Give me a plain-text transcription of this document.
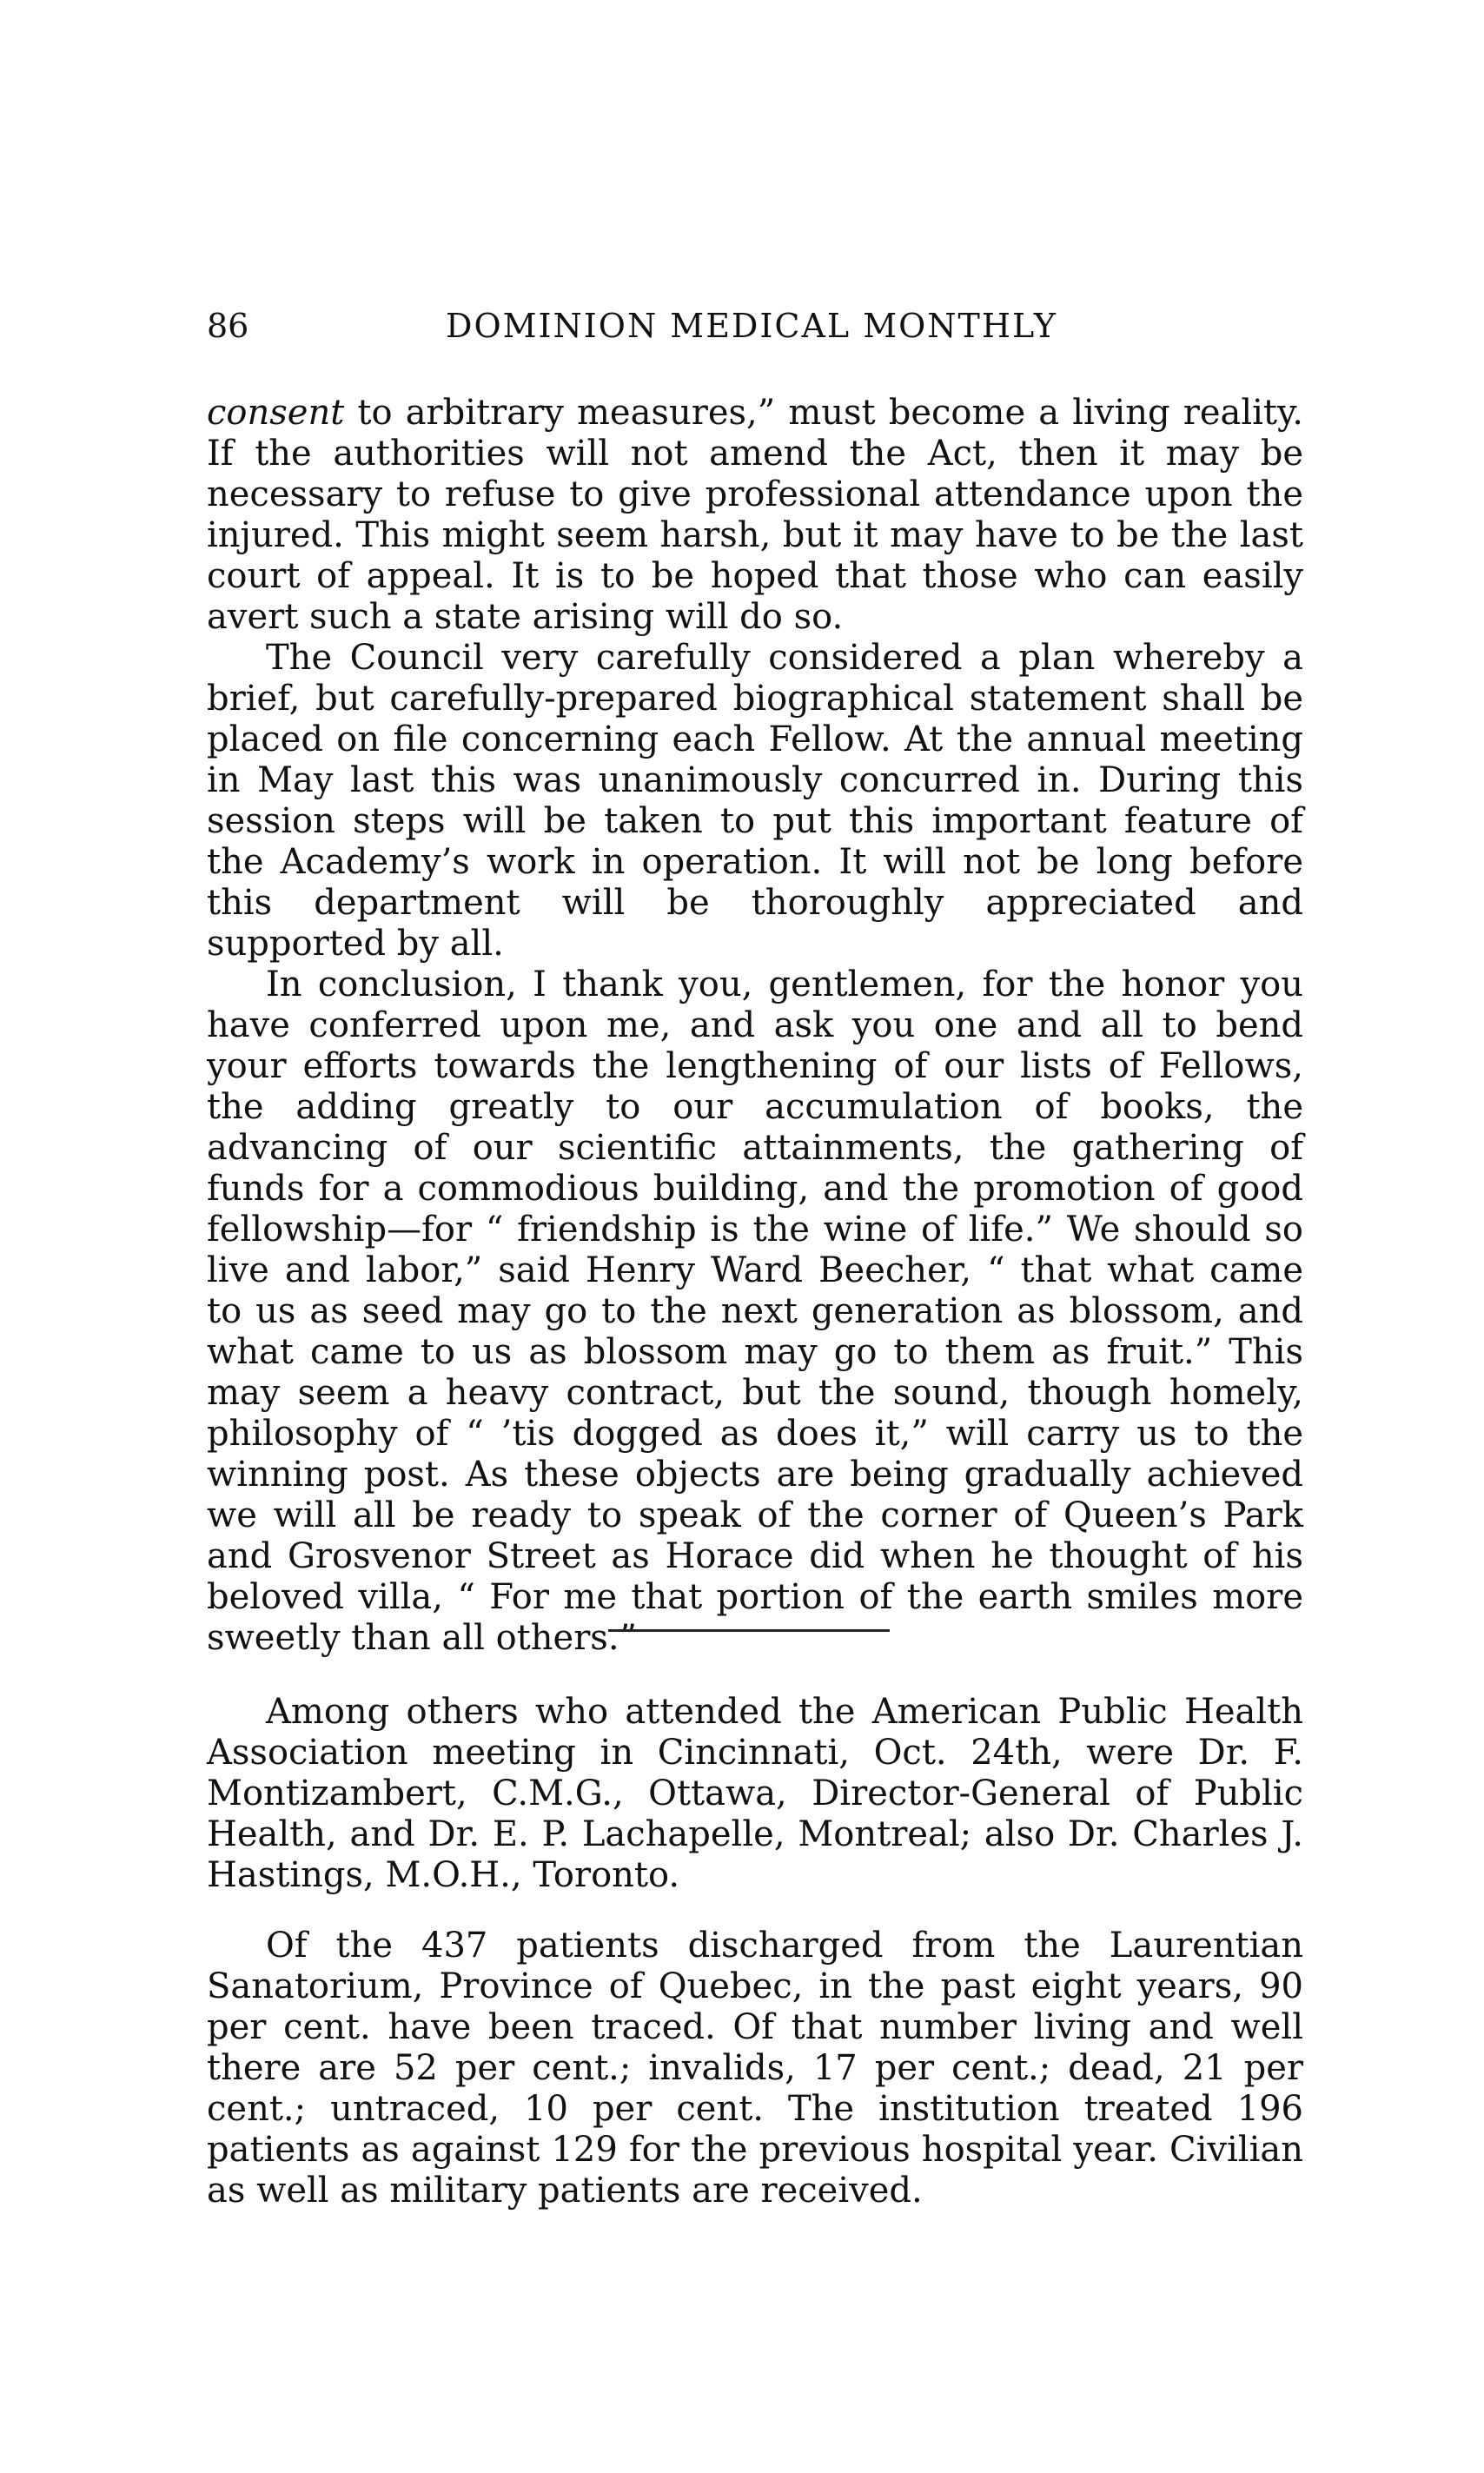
86	DOMINION MEDICAL MONTHLY

consent to arbitrary measures,” must become a living reality. If the authorities will not amend the Act, then it may be necessary to refuse to give professional attendance upon the injured. This might seem harsh, but it may have to be the last court of appeal. It is to be hoped that those who can easily avert such a state arising will do so.

The Council very carefully considered a plan whereby a brief, but carefully-prepared biographical statement shall be placed on file concerning each Fellow. At the annual meeting in May last this was unanimously concurred in. During this session steps will be taken to put this important feature of the Academy’s work in operation. It will not be long before this department will be thoroughly appreciated and supported by all.

In conclusion, I thank you, gentlemen, for the honor you have conferred upon me, and ask you one and all to bend your efforts towards the lengthening of our lists of Fellows, the adding greatly to our accumulation of books, the advancing of our scientific attainments, the gathering of funds for a commodious building, and the promotion of good fellowship—for “ friendship is the wine of life.” We should so live and labor,” said Henry Ward Beecher, “ that what came to us as seed may go to the next generation as blossom, and what came to us as blossom may go to them as fruit.” This may seem a heavy contract, but the sound, though homely, philosophy of “ ’tis dogged as does it,” will carry us to the winning post. As these objects are being gradually achieved we will all be ready to speak of the corner of Queen’s Park and Grosvenor Street as Horace did when he thought of his beloved villa, “ For me that portion of the earth smiles more sweetly than all others.”

Among others who attended the American Public Health Association meeting in Cincinnati, Oct. 24th, were Dr. F. Montizambert, C.M.G., Ottawa, Director-General of Public Health, and Dr. E. P. Lachapelle, Montreal; also Dr. Charles J. Hastings, M.O.H., Toronto.

Of the 437 patients discharged from the Laurentian Sanatorium, Province of Quebec, in the past eight years, 90 per cent. have been traced. Of that number living and well there are 52 per cent.; invalids, 17 per cent.; dead, 21 per cent.; untraced, 10 per cent. The institution treated 196 patients as against 129 for the previous hospital year. Civilian as well as military patients are received.
